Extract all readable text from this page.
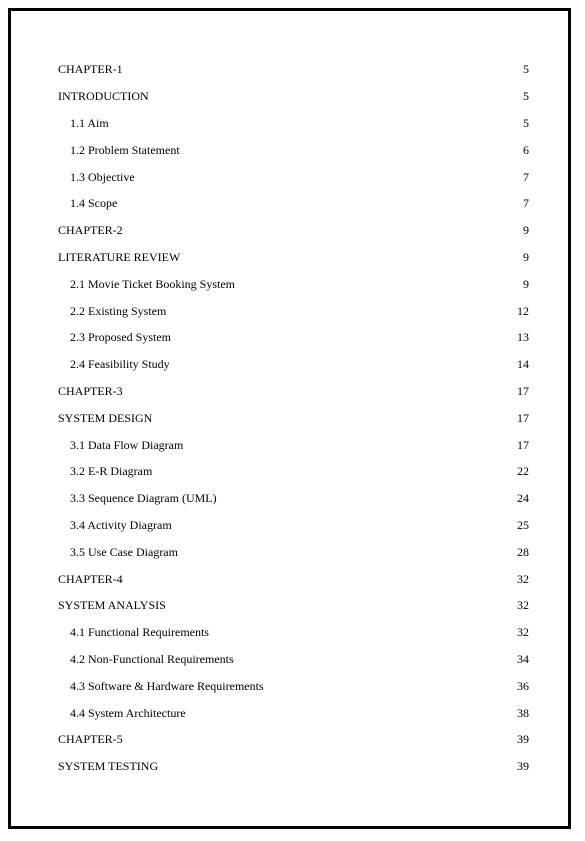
CHAPTER-1	5
INTRODUCTION	5
1.1 Aim	5
1.2 Problem Statement	6
1.3 Objective	7
1.4 Scope	7
CHAPTER-2	9
LITERATURE REVIEW	9
2.1 Movie Ticket Booking System	9
2.2 Existing System	12
2.3 Proposed System	13
2.4 Feasibility Study	14
CHAPTER-3	17
SYSTEM DESIGN	17
3.1 Data Flow Diagram	17
3.2 E-R Diagram	22
3.3 Sequence Diagram (UML)	24
3.4 Activity Diagram	25
3.5 Use Case Diagram	28
CHAPTER-4	32
SYSTEM ANALYSIS	32
4.1 Functional Requirements	32
4.2 Non-Functional Requirements	34
4.3 Software & Hardware Requirements	36
4.4 System Architecture	38
CHAPTER-5	39
SYSTEM TESTING	39
